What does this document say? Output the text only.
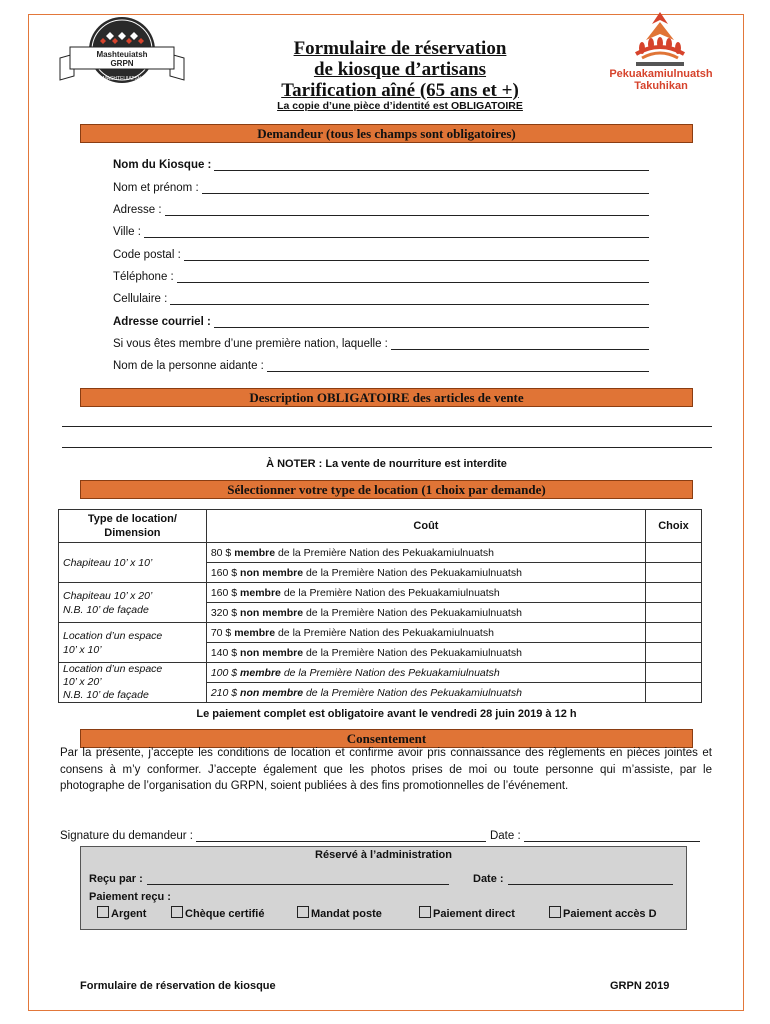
Mashteuiatsh
GRPN
MASHTEUIATSH
Formulaire de réservation
de kiosque d’artisans
Tarification aîné (65 ans et +)
La copie d’une pièce d’identité est OBLIGATOIRE
Pekuakamiulnuatsh
Takuhikan
Demandeur (tous les champs sont obligatoires)
Nom du Kiosque :
Nom et prénom :
Adresse :
Ville :
Code postal :
Téléphone :
Cellulaire :
Adresse courriel :
Si vous êtes membre d’une première nation, laquelle :
Nom de la personne aidante :
Description OBLIGATOIRE des articles de vente
À NOTER : La vente de nourriture est interdite
Sélectionner votre type de location (1 choix par demande)
Type de location/ Dimension	Coût	Choix
Chapiteau 10’ x 10’	80 $ membre de la Première Nation des Pekuakamiulnuatsh	
	160 $ non membre de la Première Nation des Pekuakamiulnuatsh	
Chapiteau 10’ x 20’
N.B. 10’ de façade	160 $ membre de la Première Nation des Pekuakamiulnuatsh	
	320 $ non membre de la Première Nation des Pekuakamiulnuatsh	
Location d’un espace
10’ x 10’	70 $ membre de la Première Nation des Pekuakamiulnuatsh	
	140 $ non membre de la Première Nation des Pekuakamiulnuatsh	
Location d’un espace
10’ x 20’
N.B. 10’ de façade	100 $ membre de la Première Nation des Pekuakamiulnuatsh	
	210 $ non membre de la Première Nation des Pekuakamiulnuatsh	
Le paiement complet est obligatoire avant le vendredi 28 juin 2019 à 12 h
Consentement
Par la présente, j’accepte les conditions de location et confirme avoir pris connaissance des règlements en pièces jointes et consens à m’y conformer. J’accepte également que les photos prises de moi ou toute personne qui m’assiste, par le photographe de l’organisation du GRPN, soient publiées à des fins promotionnelles de l’événement.
Signature du demandeur :	Date :
Réservé à l’administration
Reçu par :	Date :
Paiement reçu :
Argent	Chèque certifié	Mandat poste	Paiement direct	Paiement accès D
Formulaire de réservation de kiosque	GRPN 2019
